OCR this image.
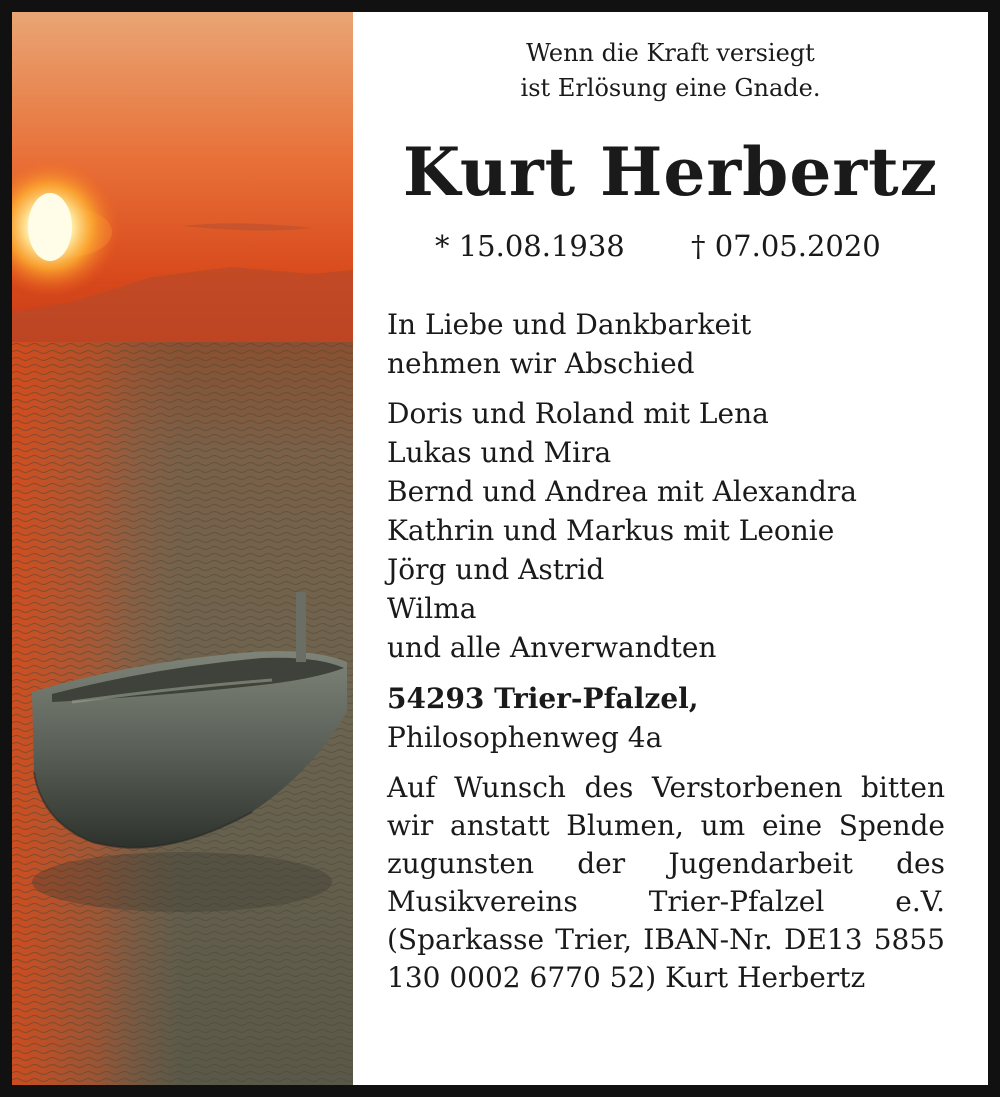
Wenn die Kraft versiegt
ist Erlösung eine Gnade.
Kurt Herbertz
* 15.08.1938 † 07.05.2020
In Liebe und Dankbarkeit
nehmen wir Abschied
Doris und Roland mit Lena
Lukas und Mira
Bernd und Andrea mit Alexandra
Kathrin und Markus mit Leonie
Jörg und Astrid
Wilma
und alle Anverwandten
54293 Trier-Pfalzel,
Philosophenweg 4a
Auf Wunsch des Verstorbenen bitten wir anstatt Blumen, um eine Spende zugunsten der Jugendarbeit des Musikvereins Trier-Pfalzel e.V. (Sparkasse Trier, IBAN-Nr. DE13 5855 130 0002 6770 52) Kurt Herbertz
